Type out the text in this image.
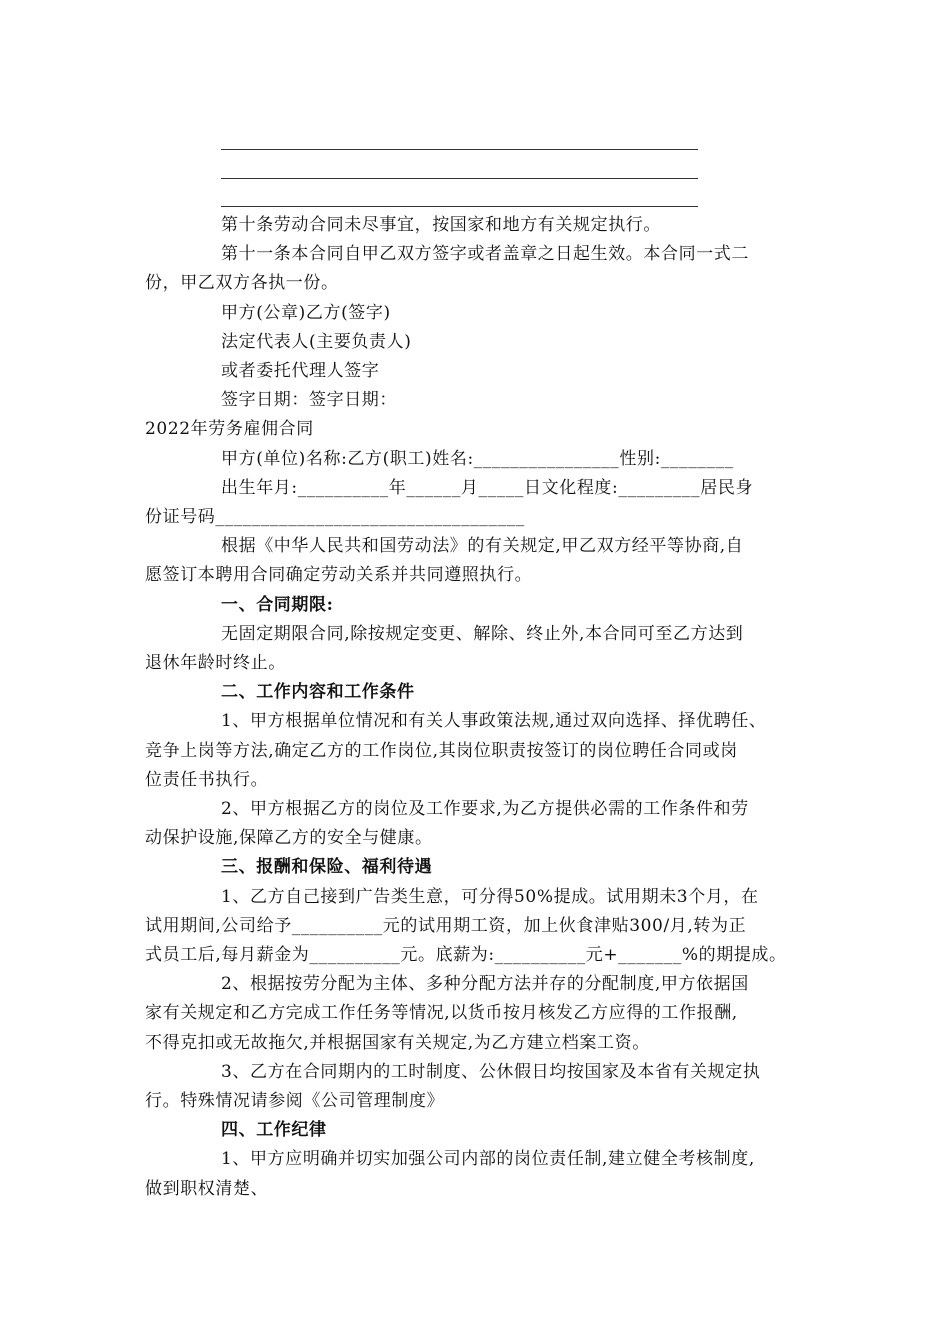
第十条劳动合同未尽事宜，按国家和地方有关规定执行。
第十一条本合同自甲乙双方签字或者盖章之日起生效。本合同一式二
份，甲乙双方各执一份。
甲方(公章)乙方(签字)
法定代表人(主要负责人)
或者委托代理人签字
签字日期：签字日期：
2022年劳务雇佣合同
甲方(单位)名称:乙方(职工)姓名:________________性别:________
出生年月:__________年______月_____日文化程度:_________居民身
份证号码__________________________________
根据《中华人民共和国劳动法》的有关规定,甲乙双方经平等协商,自
愿签订本聘用合同确定劳动关系并共同遵照执行。
一、合同期限:
无固定期限合同,除按规定变更、解除、终止外,本合同可至乙方达到
退休年龄时终止。
二、工作内容和工作条件
1、甲方根据单位情况和有关人事政策法规,通过双向选择、择优聘任、
竞争上岗等方法,确定乙方的工作岗位,其岗位职责按签订的岗位聘任合同或岗
位责任书执行。
2、甲方根据乙方的岗位及工作要求,为乙方提供必需的工作条件和劳
动保护设施,保障乙方的安全与健康。
三、报酬和保险、福利待遇
1、乙方自己接到广告类生意，可分得50%提成。试用期未3个月，在
试用期间,公司给予__________元的试用期工资，加上伙食津贴300/月,转为正
式员工后,每月薪金为__________元。底薪为:__________元+_______%的期提成。
2、根据按劳分配为主体、多种分配方法并存的分配制度,甲方依据国
家有关规定和乙方完成工作任务等情况,以货币按月核发乙方应得的工作报酬,
不得克扣或无故拖欠,并根据国家有关规定,为乙方建立档案工资。
3、乙方在合同期内的工时制度、公休假日均按国家及本省有关规定执
行。特殊情况请参阅《公司管理制度》
四、工作纪律
1、甲方应明确并切实加强公司内部的岗位责任制,建立健全考核制度,
做到职权清楚、
